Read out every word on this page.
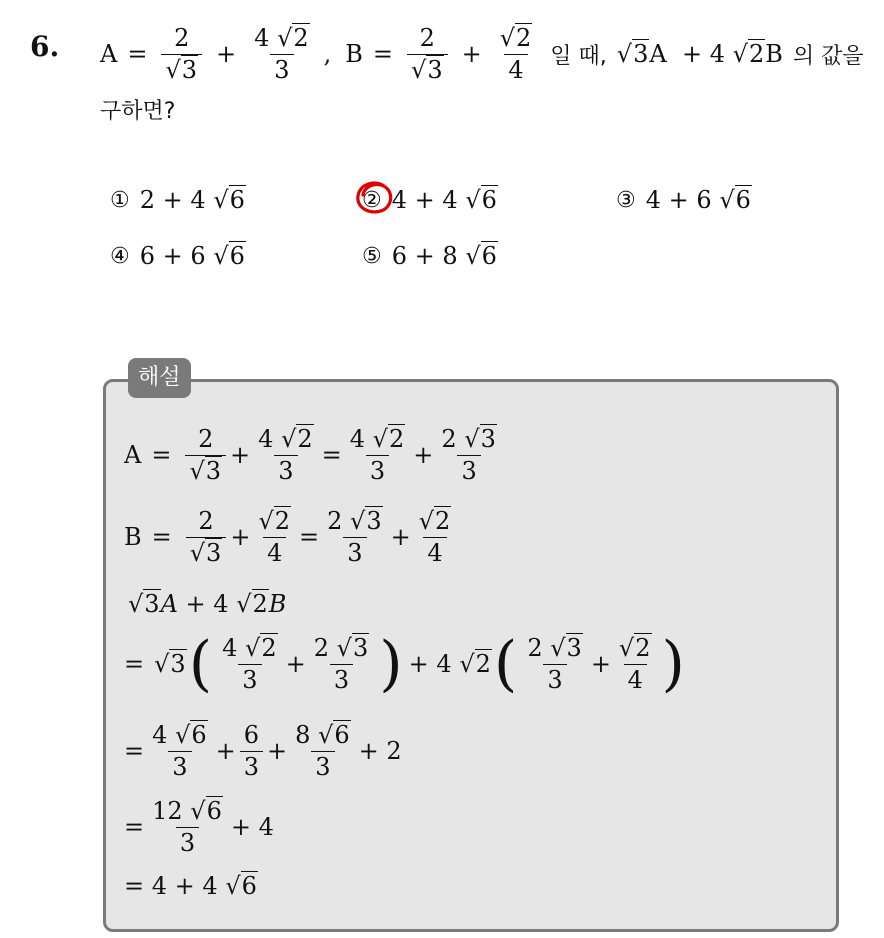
6. $A = \frac{2}{√3} + \frac{4 √2}{3}$ , $B = \frac{2}{√3} + \frac{√2}{4}$ 일 때, √3A  + 4 √2B 의 값을
구하면?
① 2 + 4
√6	② 4 + 4
√6	③ 4 + 6
√6
④ 6 + 6
√6	⑤ 6 + 8
√6
해설
$A = \frac{2}{√3} + \frac{4 √2}{3} = \frac{4 √2}{3} + \frac{2 √3}{3}$
$B = \frac{2}{√3} + \frac{√2}{4} = \frac{2 √3}{3} + \frac{√2}{4}$
√3 A + 4
√2 B
= √3 ( $\frac{4 √2}{3} + \frac{2 √3}{3}$ ) + 4
√2 ( $\frac{2 √3}{3} + \frac{√2}{4}$ )
= $\frac{4 √6}{3} + \frac{6}{3} + \frac{8 √6}{3} + 2$
= $\frac{12 √6}{3} + 4$
= 4 + 4
√6
